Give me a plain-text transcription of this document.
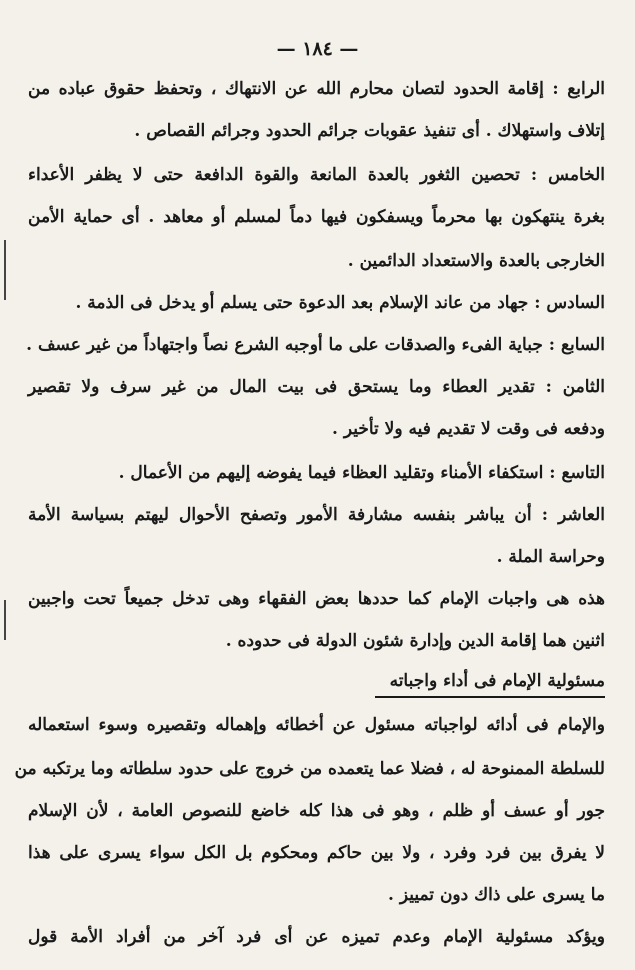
— ١٨٤ —
الرابع : إقامة الحدود لتصان محارم الله عن الانتهاك ، وتحفظ حقوق عباده من
إتلاف واستهلاك . أى تنفيذ عقوبات جرائم الحدود وجرائم القصاص .
الخامس : تحصين الثغور بالعدة المانعة والقوة الدافعة حتى لا يظفر الأعداء
بغرة ينتهكون بها محرماً ويسفكون فيها دماً لمسلم أو معاهد . أى حماية الأمن
الخارجى بالعدة والاستعداد الدائمين .
السادس : جهاد من عاند الإسلام بعد الدعوة حتى يسلم أو يدخل فى الذمة .
السابع : جباية الفىء والصدقات على ما أوجبه الشرع نصاً واجتهاداً من غير عسف .
الثامن : تقدير العطاء وما يستحق فى بيت المال من غير سرف ولا تقصير
ودفعه فى وقت لا تقديم فيه ولا تأخير .
التاسع : استكفاء الأمناء وتقليد العظاء فيما يفوضه إليهم من الأعمال .
العاشر : أن يباشر بنفسه مشارفة الأمور وتصفح الأحوال ليهتم بسياسة الأمة
وحراسة الملة .
هذه هى واجبات الإمام كما حددها بعض الفقهاء وهى تدخل جميعاً تحت واجبين
اثنين هما إقامة الدين وإدارة شئون الدولة فى حدوده .
مسئولية الإمام فى أداء واجباته
والإمام فى أدائه لواجباته مسئول عن أخطائه وإهماله وتقصيره وسوء استعماله
للسلطة الممنوحة له ، فضلا عما يتعمده من خروج على حدود سلطاته وما يرتكبه من
جور أو عسف أو ظلم ، وهو فى هذا كله خاضع للنصوص العامة ، لأن الإسلام
لا يفرق بين فرد وفرد ، ولا بين حاكم ومحكوم بل الكل سواء يسرى على هذا
ما يسرى على ذاك دون تمييز .
ويؤكد مسئولية الإمام وعدم تميزه عن أى فرد آخر من أفراد الأمة قول
